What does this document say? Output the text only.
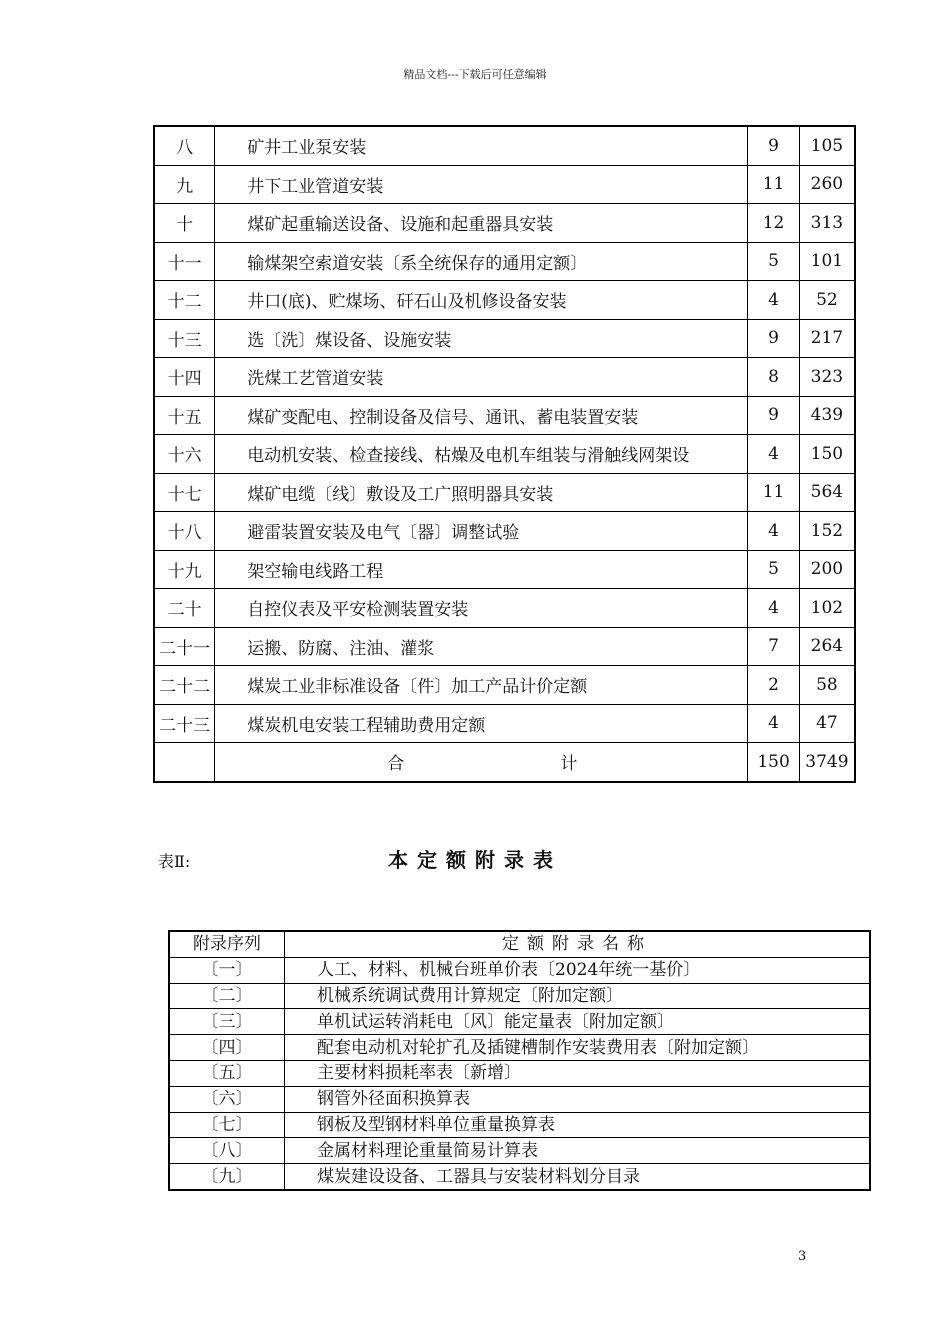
精品文档---下载后可任意编辑
八	矿井工业泵安装	9	105
九	井下工业管道安装	11	260
十	煤矿起重输送设备、设施和起重器具安装	12	313
十一	输煤架空索道安装〔系全统保存的通用定额〕	5	101
十二	井口(底)、贮煤场、矸石山及机修设备安装	4	52
十三	选〔洗〕煤设备、设施安装	9	217
十四	洗煤工艺管道安装	8	323
十五	煤矿变配电、控制设备及信号、通讯、蓄电装置安装	9	439
十六	电动机安装、检查接线、枯燥及电机车组装与滑触线网架设	4	150
十七	煤矿电缆〔线〕敷设及工广照明器具安装	11	564
十八	避雷装置安装及电气〔器〕调整试验	4	152
十九	架空输电线路工程	5	200
二十	自控仪表及平安检测装置安装	4	102
二十一	运搬、防腐、注油、灌浆	7	264
二十二	煤炭工业非标准设备〔件〕加工产品计价定额	2	58
二十三	煤炭机电安装工程辅助费用定额	4	47

	合 计	150	3749
表Ⅱ:	本定额附录表
附录序列	定额附录名称
〔一〕	人工、材料、机械台班单价表〔2024年统一基价〕
〔二〕	机械系统调试费用计算规定〔附加定额〕
〔三〕	单机试运转消耗电〔风〕能定量表〔附加定额〕
〔四〕	配套电动机对轮扩孔及插键槽制作安装费用表〔附加定额〕
〔五〕	主要材料损耗率表〔新增〕
〔六〕	钢管外径面积换算表
〔七〕	钢板及型钢材料单位重量换算表
〔八〕	金属材料理论重量简易计算表
〔九〕	煤炭建设设备、工器具与安装材料划分目录
3
